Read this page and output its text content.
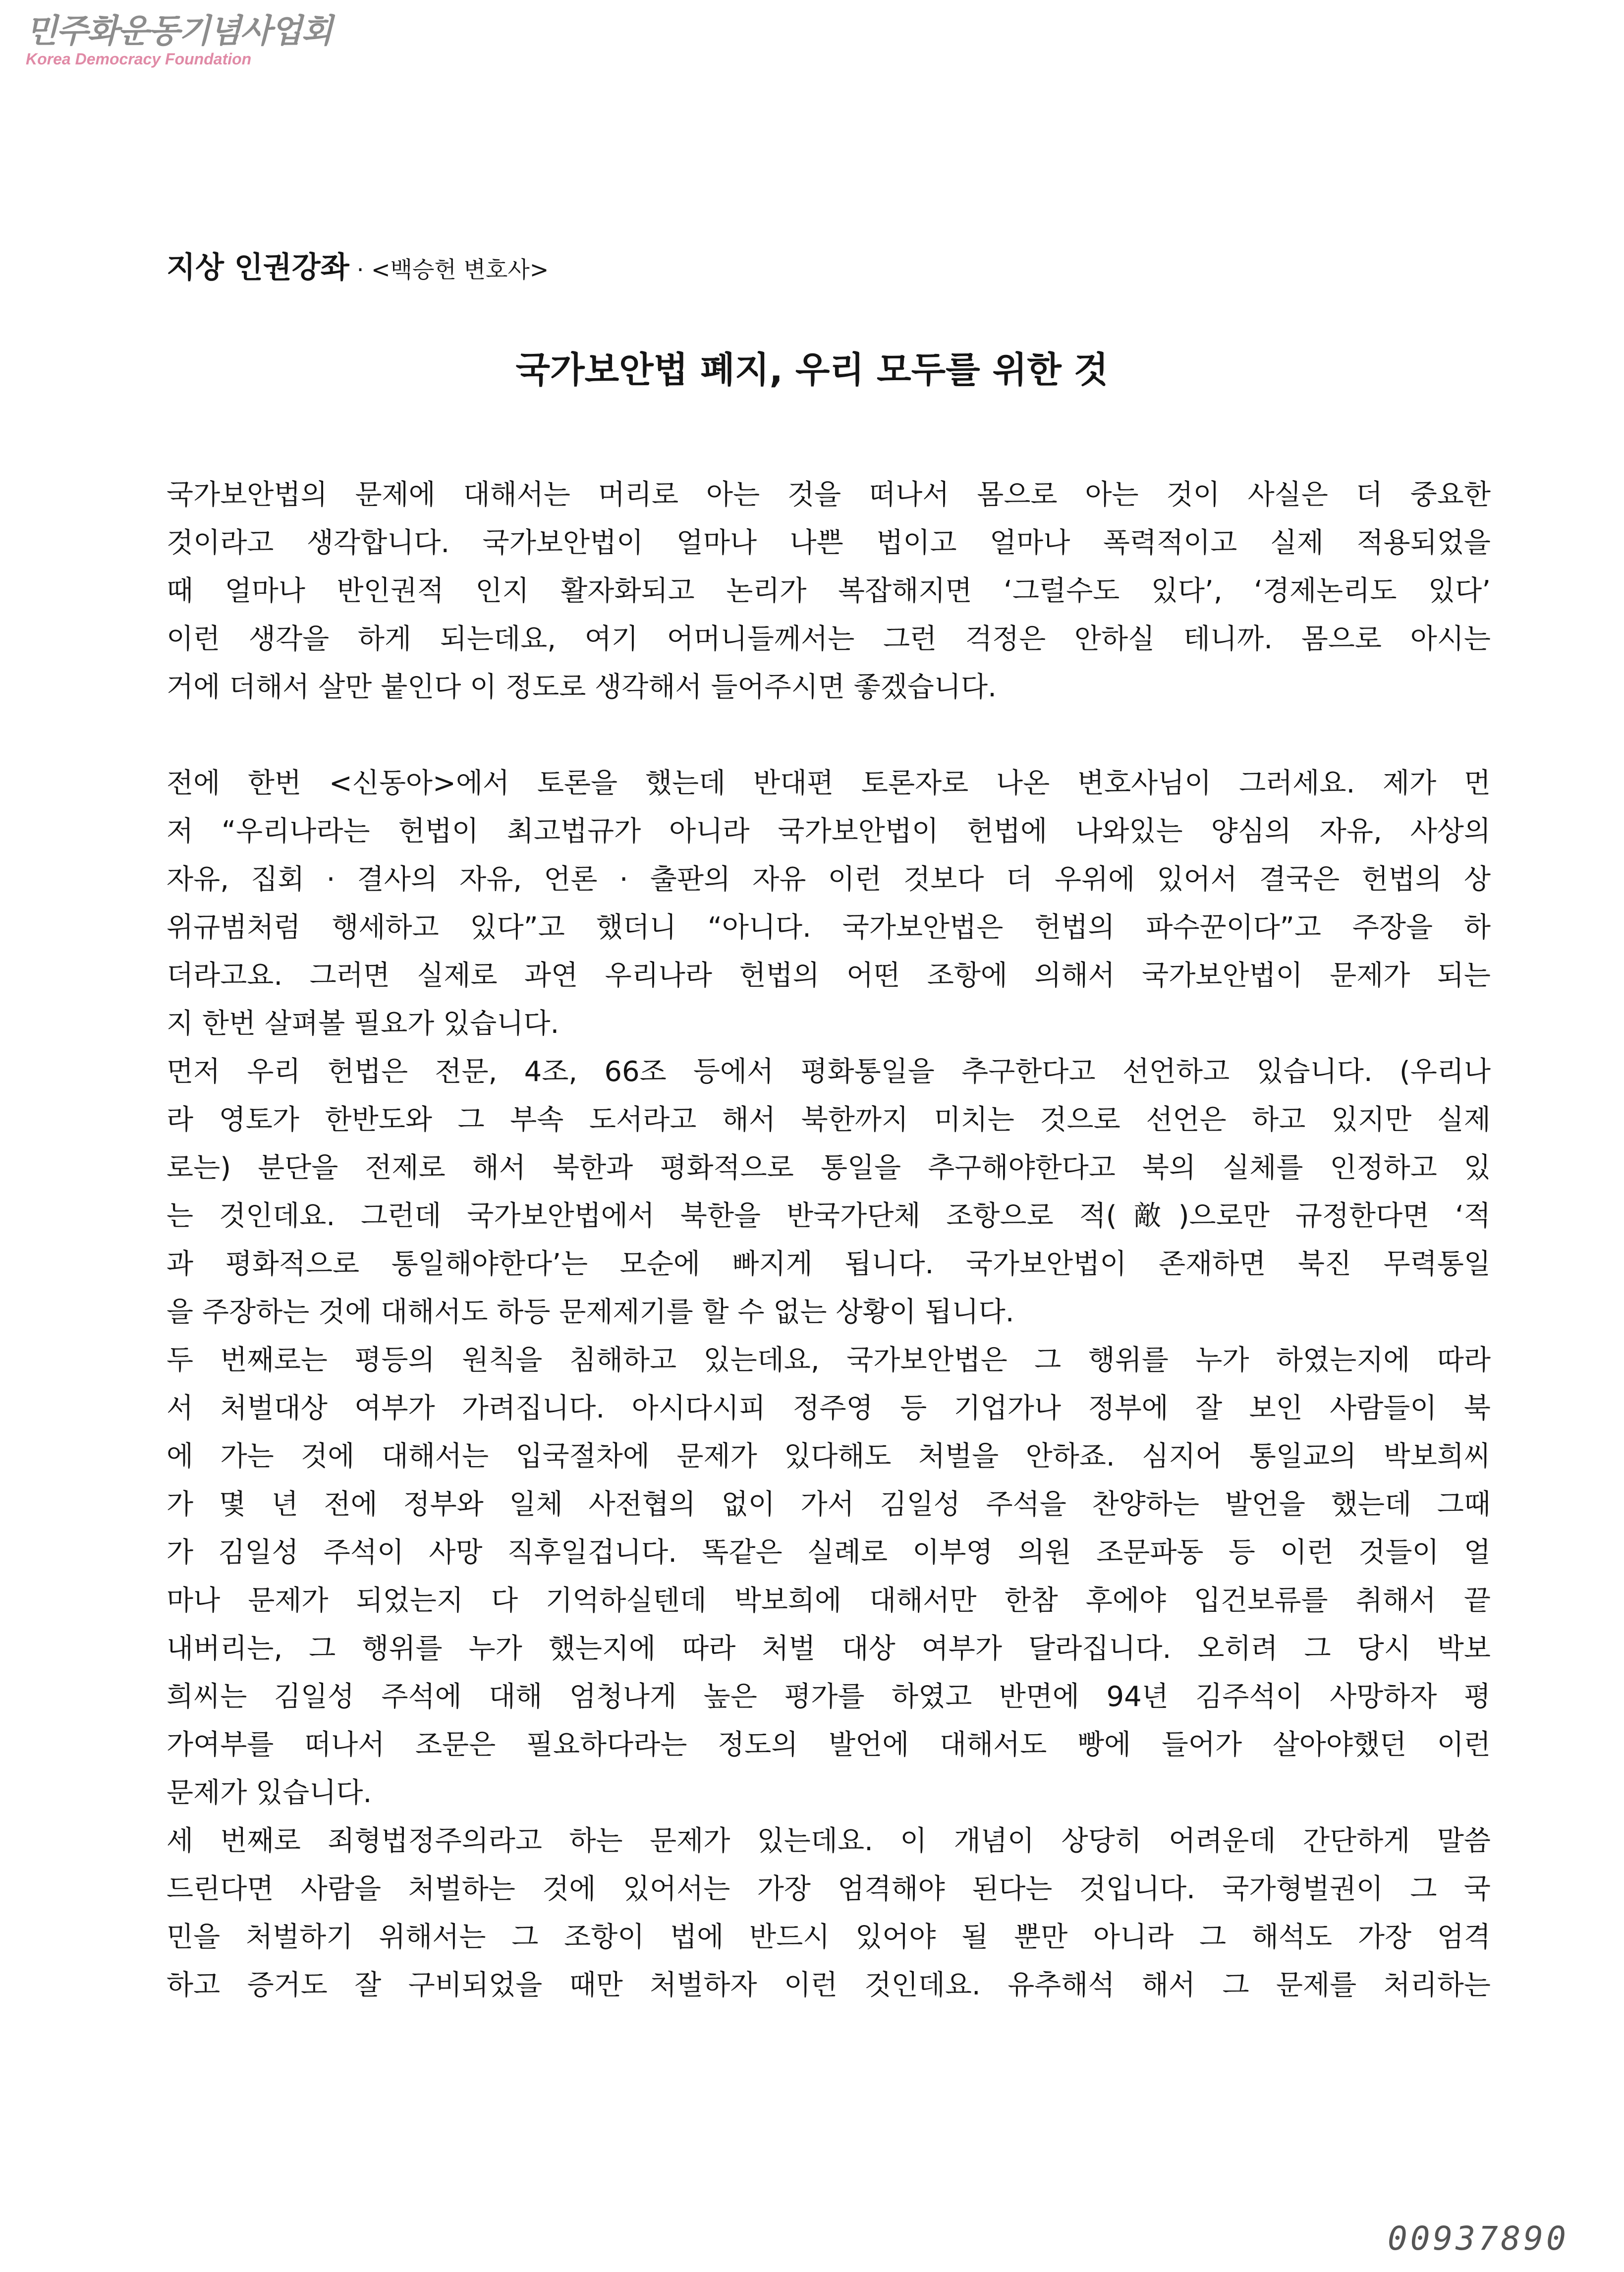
민주화운동기념사업회
Korea Democracy Foundation
지상 인권강좌 · <백승헌 변호사>
국가보안법 폐지, 우리 모두를 위한 것
국가보안법의 문제에 대해서는 머리로 아는 것을 떠나서 몸으로 아는 것이 사실은 더 중요한
것이라고 생각합니다. 국가보안법이 얼마나 나쁜 법이고 얼마나 폭력적이고 실제 적용되었을
때 얼마나 반인권적 인지 활자화되고 논리가 복잡해지면 ‘그럴수도 있다’, ‘경제논리도 있다’
이런 생각을 하게 되는데요, 여기 어머니들께서는 그런 걱정은 안하실 테니까. 몸으로 아시는
거에 더해서 살만 붙인다 이 정도로 생각해서 들어주시면 좋겠습니다.
전에 한번 <신동아>에서 토론을 했는데 반대편 토론자로 나온 변호사님이 그러세요. 제가 먼
저 “우리나라는 헌법이 최고법규가 아니라 국가보안법이 헌법에 나와있는 양심의 자유, 사상의
자유, 집회 · 결사의 자유, 언론 · 출판의 자유 이런 것보다 더 우위에 있어서 결국은 헌법의 상
위규범처럼 행세하고 있다”고 했더니 “아니다. 국가보안법은 헌법의 파수꾼이다”고 주장을 하
더라고요. 그러면 실제로 과연 우리나라 헌법의 어떤 조항에 의해서 국가보안법이 문제가 되는
지 한번 살펴볼 필요가 있습니다.
먼저 우리 헌법은 전문, 4조, 66조 등에서 평화통일을 추구한다고 선언하고 있습니다. (우리나
라 영토가 한반도와 그 부속 도서라고 해서 북한까지 미치는 것으로 선언은 하고 있지만 실제
로는) 분단을 전제로 해서 북한과 평화적으로 통일을 추구해야한다고 북의 실체를 인정하고 있
는 것인데요. 그런데 국가보안법에서 북한을 반국가단체 조항으로 적(敵)으로만 규정한다면 ‘적
과 평화적으로 통일해야한다’는 모순에 빠지게 됩니다. 국가보안법이 존재하면 북진 무력통일
을 주장하는 것에 대해서도 하등 문제제기를 할 수 없는 상황이 됩니다.
두 번째로는 평등의 원칙을 침해하고 있는데요, 국가보안법은 그 행위를 누가 하였는지에 따라
서 처벌대상 여부가 가려집니다. 아시다시피 정주영 등 기업가나 정부에 잘 보인 사람들이 북
에 가는 것에 대해서는 입국절차에 문제가 있다해도 처벌을 안하죠. 심지어 통일교의 박보희씨
가 몇 년 전에 정부와 일체 사전협의 없이 가서 김일성 주석을 찬양하는 발언을 했는데 그때
가 김일성 주석이 사망 직후일겁니다. 똑같은 실례로 이부영 의원 조문파동 등 이런 것들이 얼
마나 문제가 되었는지 다 기억하실텐데 박보희에 대해서만 한참 후에야 입건보류를 취해서 끝
내버리는, 그 행위를 누가 했는지에 따라 처벌 대상 여부가 달라집니다. 오히려 그 당시 박보
희씨는 김일성 주석에 대해 엄청나게 높은 평가를 하였고 반면에 94년 김주석이 사망하자 평
가여부를 떠나서 조문은 필요하다라는 정도의 발언에 대해서도 빵에 들어가 살아야했던 이런
문제가 있습니다.
세 번째로 죄형법정주의라고 하는 문제가 있는데요. 이 개념이 상당히 어려운데 간단하게 말씀
드린다면 사람을 처벌하는 것에 있어서는 가장 엄격해야 된다는 것입니다. 국가형벌권이 그 국
민을 처벌하기 위해서는 그 조항이 법에 반드시 있어야 될 뿐만 아니라 그 해석도 가장 엄격
하고 증거도 잘 구비되었을 때만 처벌하자 이런 것인데요. 유추해석 해서 그 문제를 처리하는
00937890
